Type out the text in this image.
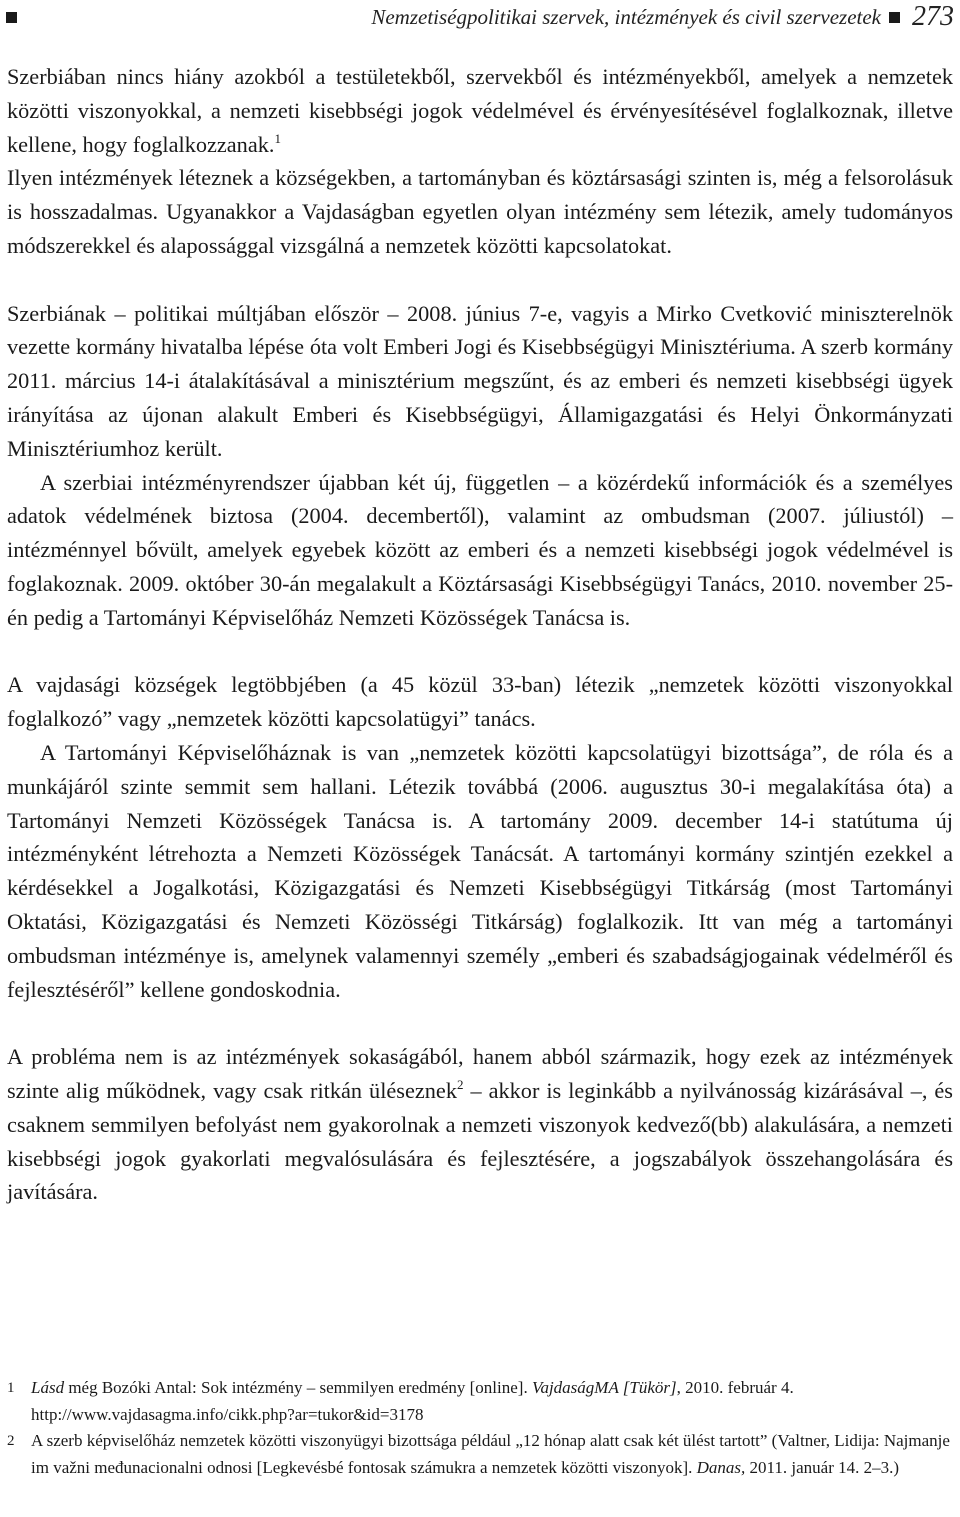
Nemzetiségpolitikai szervek, intézmények és civil szervezetek 273

Szerbiában nincs hiány azokból a testületekből, szervekből és intézményekből, amelyek a nemzetek közötti viszonyokkal, a nemzeti kisebbségi jogok védelmével és érvényesítésével foglalkoznak, illetve kellene, hogy foglalkozzanak.$^1$
Ilyen intézmények léteznek a községekben, a tartományban és köztársasági szinten is, még a felsorolásuk is hosszadalmas. Ugyanakkor a Vajdaságban egyetlen olyan intézmény sem létezik, amely tudományos módszerekkel és alapossággal vizsgálná a nemzetek közötti kapcsolatokat.

Szerbiának – politikai múltjában először – 2008. június 7-e, vagyis a Mirko Cvetković miniszterelnök vezette kormány hivatalba lépése óta volt Emberi Jogi és Kisebbségügyi Minisztériuma. A szerb kormány 2011. március 14-i átalakításával a minisztérium megszűnt, és az emberi és nemzeti kisebbségi ügyek irányítása az újonan alakult Emberi és Kisebbségügyi, Államigazgatási és Helyi Önkormányzati Minisztériumhoz került.

A szerbiai intézményrendszer újabban két új, független – a közérdekű információk és a személyes adatok védelmének biztosa (2004. decembertől), valamint az ombudsman (2007. júliustól) – intézménnyel bővült, amelyek egyebek között az emberi és a nemzeti kisebbségi jogok védelmével is foglakoznak. 2009. október 30-án megalakult a Köztársasági Kisebbségügyi Tanács, 2010. november 25-én pedig a Tartományi Képviselőház Nemzeti Közösségek Tanácsa is.

A vajdasági községek legtöbbjében (a 45 közül 33-ban) létezik „nemzetek közötti viszonyokkal foglalkozó” vagy „nemzetek közötti kapcsolatügyi” tanács.

A Tartományi Képviselőháznak is van „nemzetek közötti kapcsolatügyi bizottsága”, de róla és a munkájáról szinte semmit sem hallani. Létezik továbbá (2006. augusztus 30-i megalakítása óta) a Tartományi Nemzeti Közösségek Tanácsa is. A tartomány 2009. december 14-i statútuma új intézményként létrehozta a Nemzeti Közösségek Tanácsát. A tartományi kormány szintjén ezekkel a kérdésekkel a Jogalkotási, Közigazgatási és Nemzeti Kisebbségügyi Titkárság (most Tartományi Oktatási, Közigazgatási és Nemzeti Közösségi Titkárság) foglalkozik. Itt van még a tartományi ombudsman intézménye is, amelynek valamennyi személy „emberi és szabadságjogainak védelméről és fejlesztéséről” kellene gondoskodnia.

A probléma nem is az intézmények sokaságából, hanem abból származik, hogy ezek az intézmények szinte alig működnek, vagy csak ritkán üléseznek$^2$ – akkor is leginkább a nyilvánosság kizárásával –, és csaknem semmilyen befolyást nem gyakorolnak a nemzeti viszonyok kedvező(bb) alakulására, a nemzeti kisebbségi jogok gyakorlati megvalósulására és fejlesztésére, a jogszabályok összehangolására és javítására.

1 Lásd még Bozóki Antal: Sok intézmény – semmilyen eredmény [online]. VajdaságMA [Tükör], 2010. február 4. http://www.vajdasagma.info/cikk.php?ar=tukor&id=3178
2 A szerb képviselőház nemzetek közötti viszonyügyi bizottsága például „12 hónap alatt csak két ülést tartott” (Valtner, Lidija: Najmanje im važni međunacionalni odnosi [Legkevésbé fontosak számukra a nemzetek közötti viszonyok]. Danas, 2011. január 14. 2‒3.)
